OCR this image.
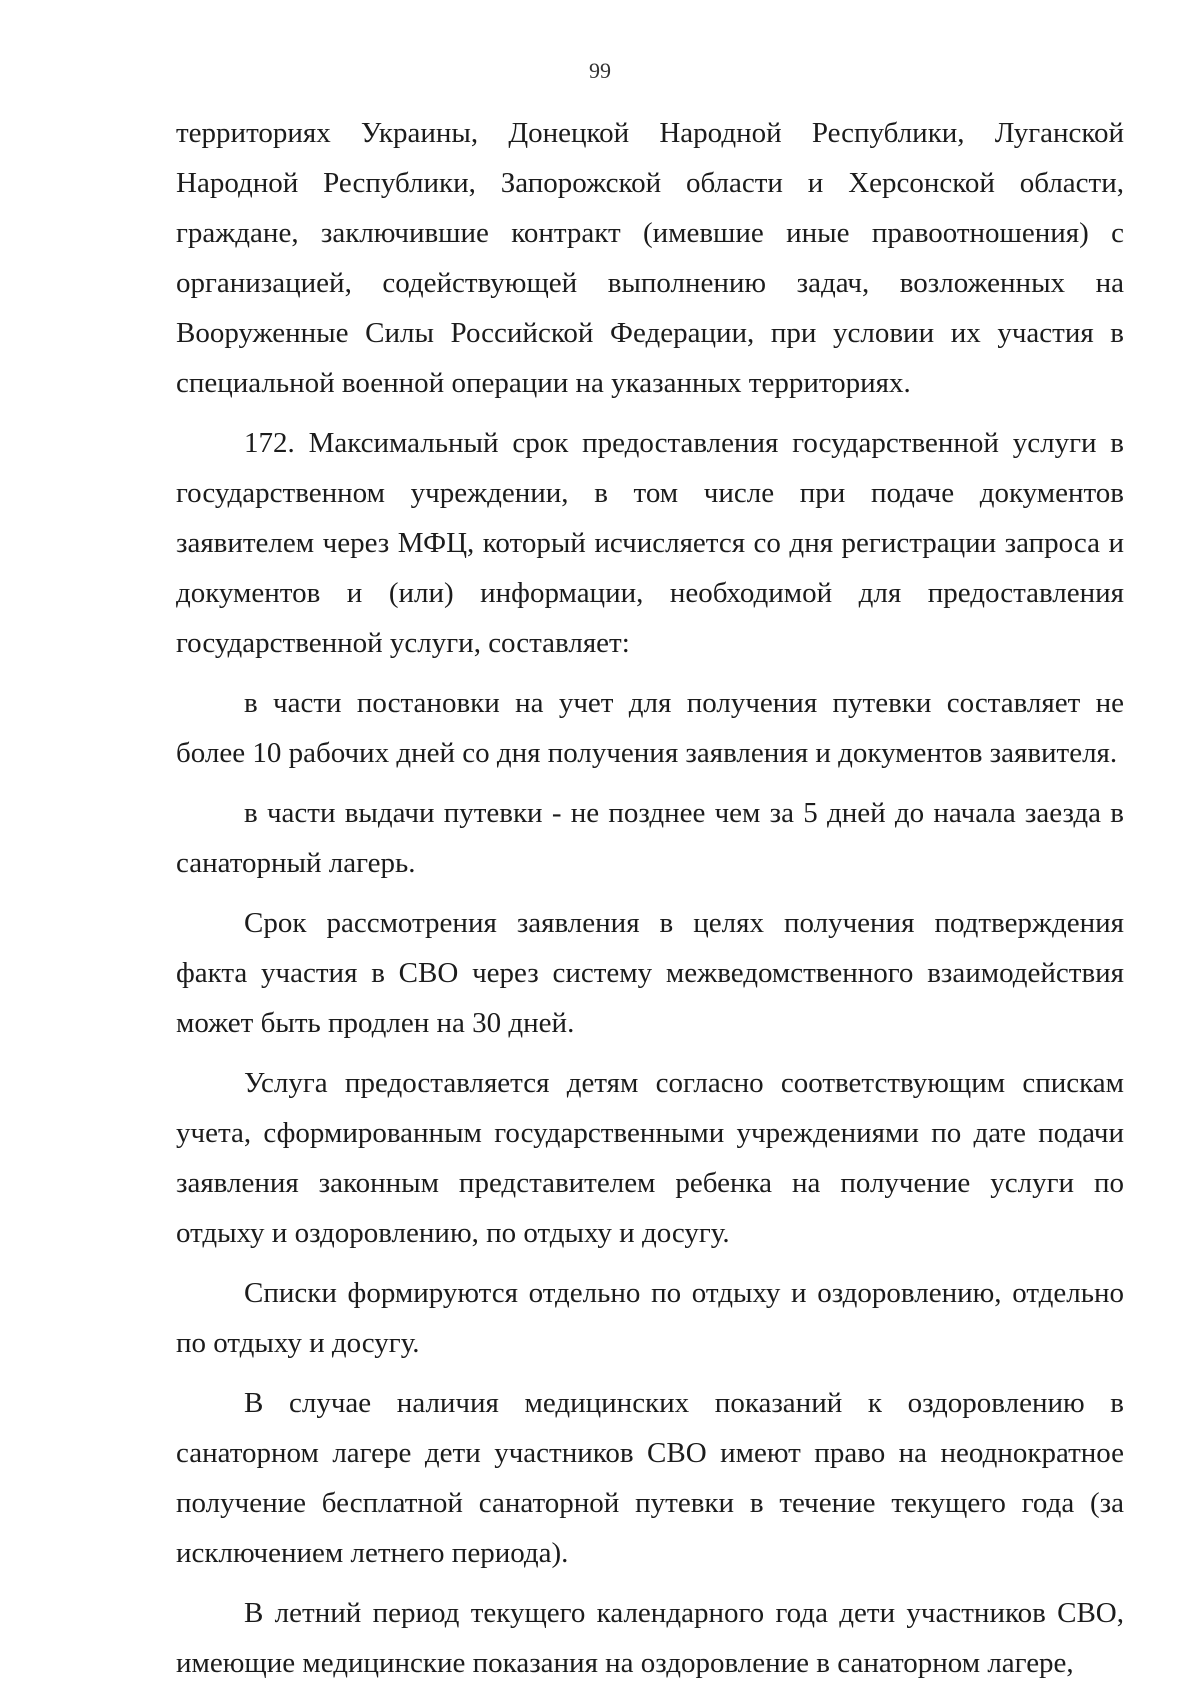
99

территориях Украины, Донецкой Народной Республики, Луганской Народной Республики, Запорожской области и Херсонской области, граждане, заключившие контракт (имевшие иные правоотношения) с организацией, содействующей выполнению задач, возложенных на Вооруженные Силы Российской Федерации, при условии их участия в специальной военной операции на указанных территориях.

172. Максимальный срок предоставления государственной услуги в государственном учреждении, в том числе при подаче документов заявителем через МФЦ, который исчисляется со дня регистрации запроса и документов и (или) информации, необходимой для предоставления государственной услуги, составляет:

в части постановки на учет для получения путевки составляет не более 10 рабочих дней со дня получения заявления и документов заявителя.

в части выдачи путевки - не позднее чем за 5 дней до начала заезда в санаторный лагерь.

Срок рассмотрения заявления в целях получения подтверждения факта участия в СВО через систему межведомственного взаимодействия может быть продлен на 30 дней.

Услуга предоставляется детям согласно соответствующим спискам учета, сформированным государственными учреждениями по дате подачи заявления законным представителем ребенка на получение услуги по отдыху и оздоровлению, по отдыху и досугу.

Списки формируются отдельно по отдыху и оздоровлению, отдельно по отдыху и досугу.

В случае наличия медицинских показаний к оздоровлению в санаторном лагере дети участников СВО имеют право на неоднократное получение бесплатной санаторной путевки в течение текущего года (за исключением летнего периода).

В летний период текущего календарного года дети участников СВО, имеющие медицинские показания на оздоровление в санаторном лагере,
